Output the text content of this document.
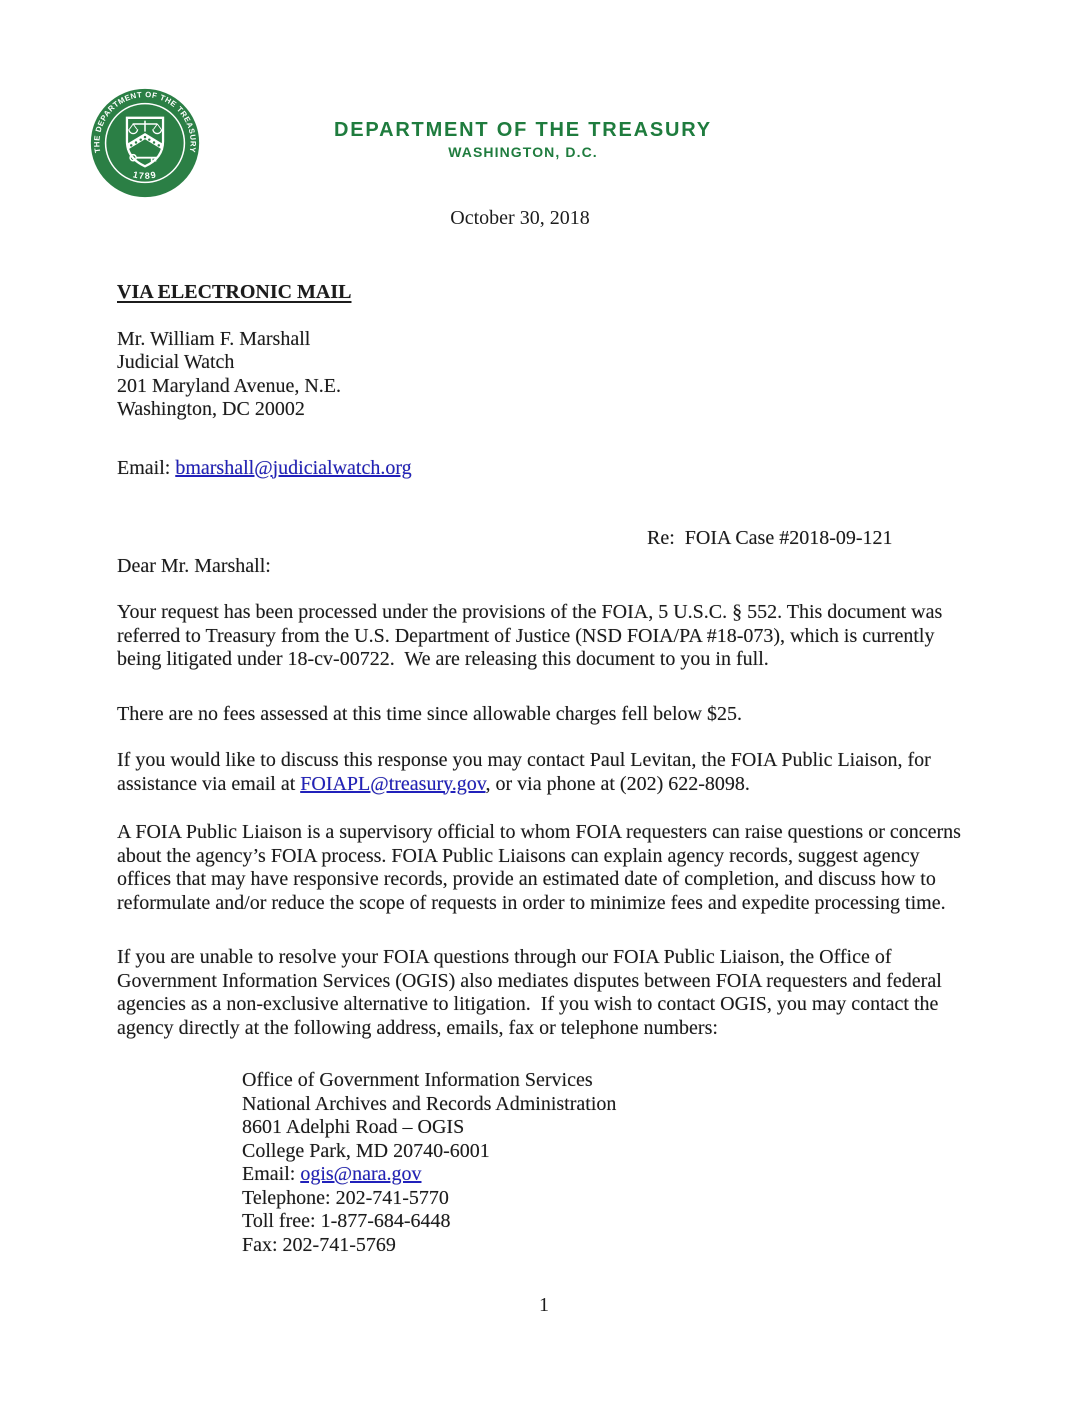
THE DEPARTMENT OF THE TREASURY
1789
DEPARTMENT OF THE TREASURY
WASHINGTON, D.C.
October 30, 2018
VIA ELECTRONIC MAIL
Mr. William F. Marshall
Judicial Watch
201 Maryland Avenue, N.E.
Washington, DC 20002
Email: bmarshall@judicialwatch.org
Re:  FOIA Case #2018-09-121
Dear Mr. Marshall:
Your request has been processed under the provisions of the FOIA, 5 U.S.C. § 552. This document was referred to Treasury from the U.S. Department of Justice (NSD FOIA/PA #18-073), which is currently being litigated under 18-cv-00722.  We are releasing this document to you in full.
There are no fees assessed at this time since allowable charges fell below $25.
If you would like to discuss this response you may contact Paul Levitan, the FOIA Public Liaison, for assistance via email at FOIAPL@treasury.gov, or via phone at (202) 622-8098.
A FOIA Public Liaison is a supervisory official to whom FOIA requesters can raise questions or concerns about the agency’s FOIA process. FOIA Public Liaisons can explain agency records, suggest agency offices that may have responsive records, provide an estimated date of completion, and discuss how to reformulate and/or reduce the scope of requests in order to minimize fees and expedite processing time.
If you are unable to resolve your FOIA questions through our FOIA Public Liaison, the Office of Government Information Services (OGIS) also mediates disputes between FOIA requesters and federal agencies as a non-exclusive alternative to litigation.  If you wish to contact OGIS, you may contact the agency directly at the following address, emails, fax or telephone numbers:
Office of Government Information Services
National Archives and Records Administration
8601 Adelphi Road – OGIS
College Park, MD 20740-6001
Email: ogis@nara.gov
Telephone: 202-741-5770
Toll free: 1-877-684-6448
Fax: 202-741-5769
1
